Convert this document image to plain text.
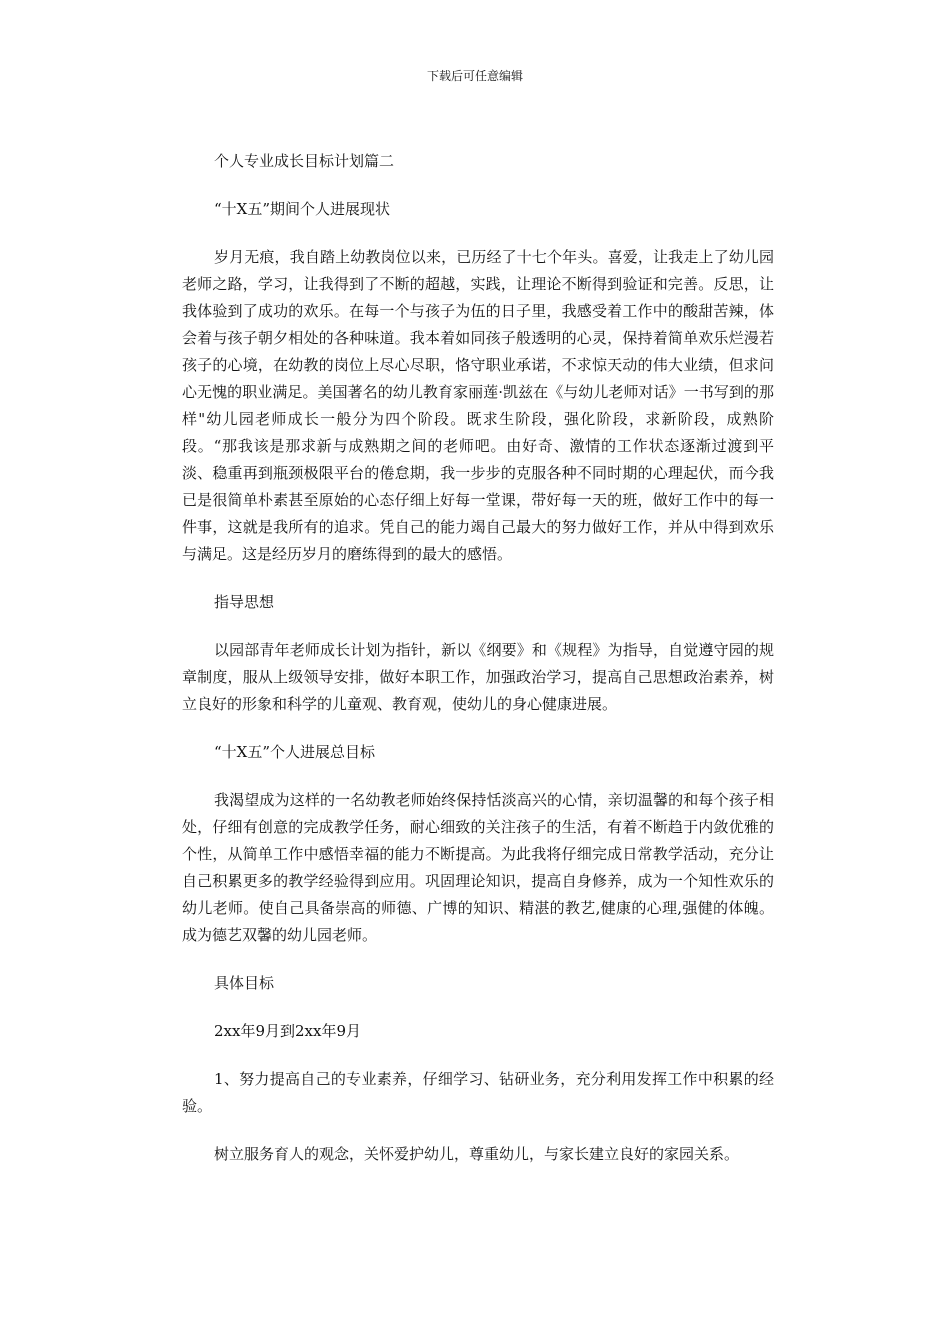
下载后可任意编辑

个人专业成长目标计划篇二

“十X五”期间个人进展现状

岁月无痕，我自踏上幼教岗位以来，已历经了十七个年头。喜爱，让我走上了幼儿园老师之路，学习，让我得到了不断的超越，实践，让理论不断得到验证和完善。反思，让我体验到了成功的欢乐。在每一个与孩子为伍的日子里，我感受着工作中的酸甜苦辣，体会着与孩子朝夕相处的各种味道。我本着如同孩子般透明的心灵，保持着简单欢乐烂漫若孩子的心境，在幼教的岗位上尽心尽职，恪守职业承诺，不求惊天动的伟大业绩，但求问心无愧的职业满足。美国著名的幼儿教育家丽莲·凯兹在《与幼儿老师对话》一书写到的那样"幼儿园老师成长一般分为四个阶段。既求生阶段，强化阶段，求新阶段，成熟阶段。“那我该是那求新与成熟期之间的老师吧。由好奇、激情的工作状态逐渐过渡到平淡、稳重再到瓶颈极限平台的倦怠期，我一步步的克服各种不同时期的心理起伏，而今我已是很简单朴素甚至原始的心态仔细上好每一堂课，带好每一天的班，做好工作中的每一件事，这就是我所有的追求。凭自己的能力竭自己最大的努力做好工作，并从中得到欢乐与满足。这是经历岁月的磨练得到的最大的感悟。

指导思想

以园部青年老师成长计划为指针，新以《纲要》和《规程》为指导，自觉遵守园的规章制度，服从上级领导安排，做好本职工作，加强政治学习，提高自己思想政治素养，树立良好的形象和科学的儿童观、教育观，使幼儿的身心健康进展。

“十X五”个人进展总目标

我渴望成为这样的一名幼教老师始终保持恬淡高兴的心情，亲切温馨的和每个孩子相处，仔细有创意的完成教学任务，耐心细致的关注孩子的生活，有着不断趋于内敛优雅的个性，从简单工作中感悟幸福的能力不断提高。为此我将仔细完成日常教学活动，充分让自己积累更多的教学经验得到应用。巩固理论知识，提高自身修养，成为一个知性欢乐的幼儿老师。使自己具备崇高的师德、广博的知识、精湛的教艺,健康的心理,强健的体魄。成为德艺双馨的幼儿园老师。

具体目标

2xx年9月到2xx年9月

1、努力提高自己的专业素养，仔细学习、钻研业务，充分利用发挥工作中积累的经验。

树立服务育人的观念，关怀爱护幼儿，尊重幼儿，与家长建立良好的家园关系。
